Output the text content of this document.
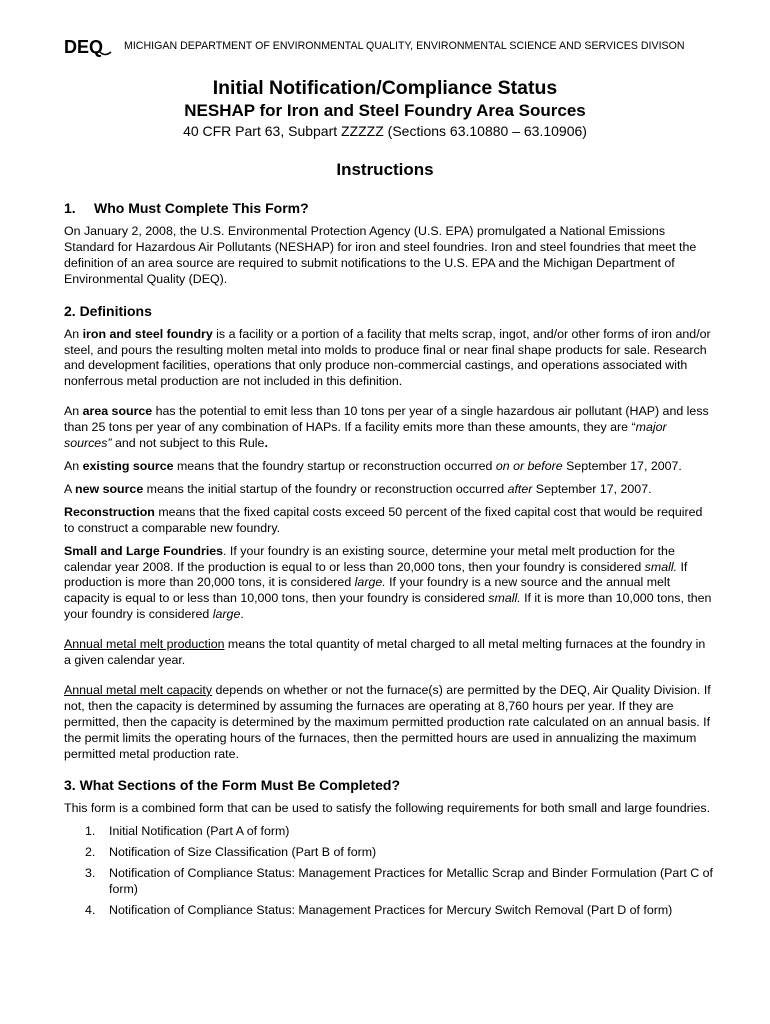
DEQ MICHIGAN DEPARTMENT OF ENVIRONMENTAL QUALITY, ENVIRONMENTAL SCIENCE AND SERVICES DIVISON
Initial Notification/Compliance Status
NESHAP for Iron and Steel Foundry Area Sources
40 CFR Part 63, Subpart ZZZZZ (Sections 63.10880 – 63.10906)
Instructions
1. Who Must Complete This Form?

On January 2, 2008, the U.S. Environmental Protection Agency (U.S. EPA) promulgated a National Emissions Standard for Hazardous Air Pollutants (NESHAP) for iron and steel foundries. Iron and steel foundries that meet the definition of an area source are required to submit notifications to the U.S. EPA and the Michigan Department of Environmental Quality (DEQ).

2. Definitions

An iron and steel foundry is a facility or a portion of a facility that melts scrap, ingot, and/or other forms of iron and/or steel, and pours the resulting molten metal into molds to produce final or near final shape products for sale. Research and development facilities, operations that only produce non-commercial castings, and operations associated with nonferrous metal production are not included in this definition.

An area source has the potential to emit less than 10 tons per year of a single hazardous air pollutant (HAP) and less than 25 tons per year of any combination of HAPs. If a facility emits more than these amounts, they are “major sources” and not subject to this Rule.

An existing source means that the foundry startup or reconstruction occurred on or before September 17, 2007.

A new source means the initial startup of the foundry or reconstruction occurred after September 17, 2007.

Reconstruction means that the fixed capital costs exceed 50 percent of the fixed capital cost that would be required to construct a comparable new foundry.

Small and Large Foundries. If your foundry is an existing source, determine your metal melt production for the calendar year 2008. If the production is equal to or less than 20,000 tons, then your foundry is considered small. If production is more than 20,000 tons, it is considered large. If your foundry is a new source and the annual melt capacity is equal to or less than 10,000 tons, then your foundry is considered small. If it is more than 10,000 tons, then your foundry is considered large.

Annual metal melt production means the total quantity of metal charged to all metal melting furnaces at the foundry in a given calendar year.

Annual metal melt capacity depends on whether or not the furnace(s) are permitted by the DEQ, Air Quality Division. If not, then the capacity is determined by assuming the furnaces are operating at 8,760 hours per year. If they are permitted, then the capacity is determined by the maximum permitted production rate calculated on an annual basis. If the permit limits the operating hours of the furnaces, then the permitted hours are used in annualizing the maximum permitted metal production rate.

3. What Sections of the Form Must Be Completed?

This form is a combined form that can be used to satisfy the following requirements for both small and large foundries.

1. Initial Notification (Part A of form)
2. Notification of Size Classification (Part B of form)
3. Notification of Compliance Status: Management Practices for Metallic Scrap and Binder Formulation (Part C of form)
4. Notification of Compliance Status: Management Practices for Mercury Switch Removal (Part D of form)
